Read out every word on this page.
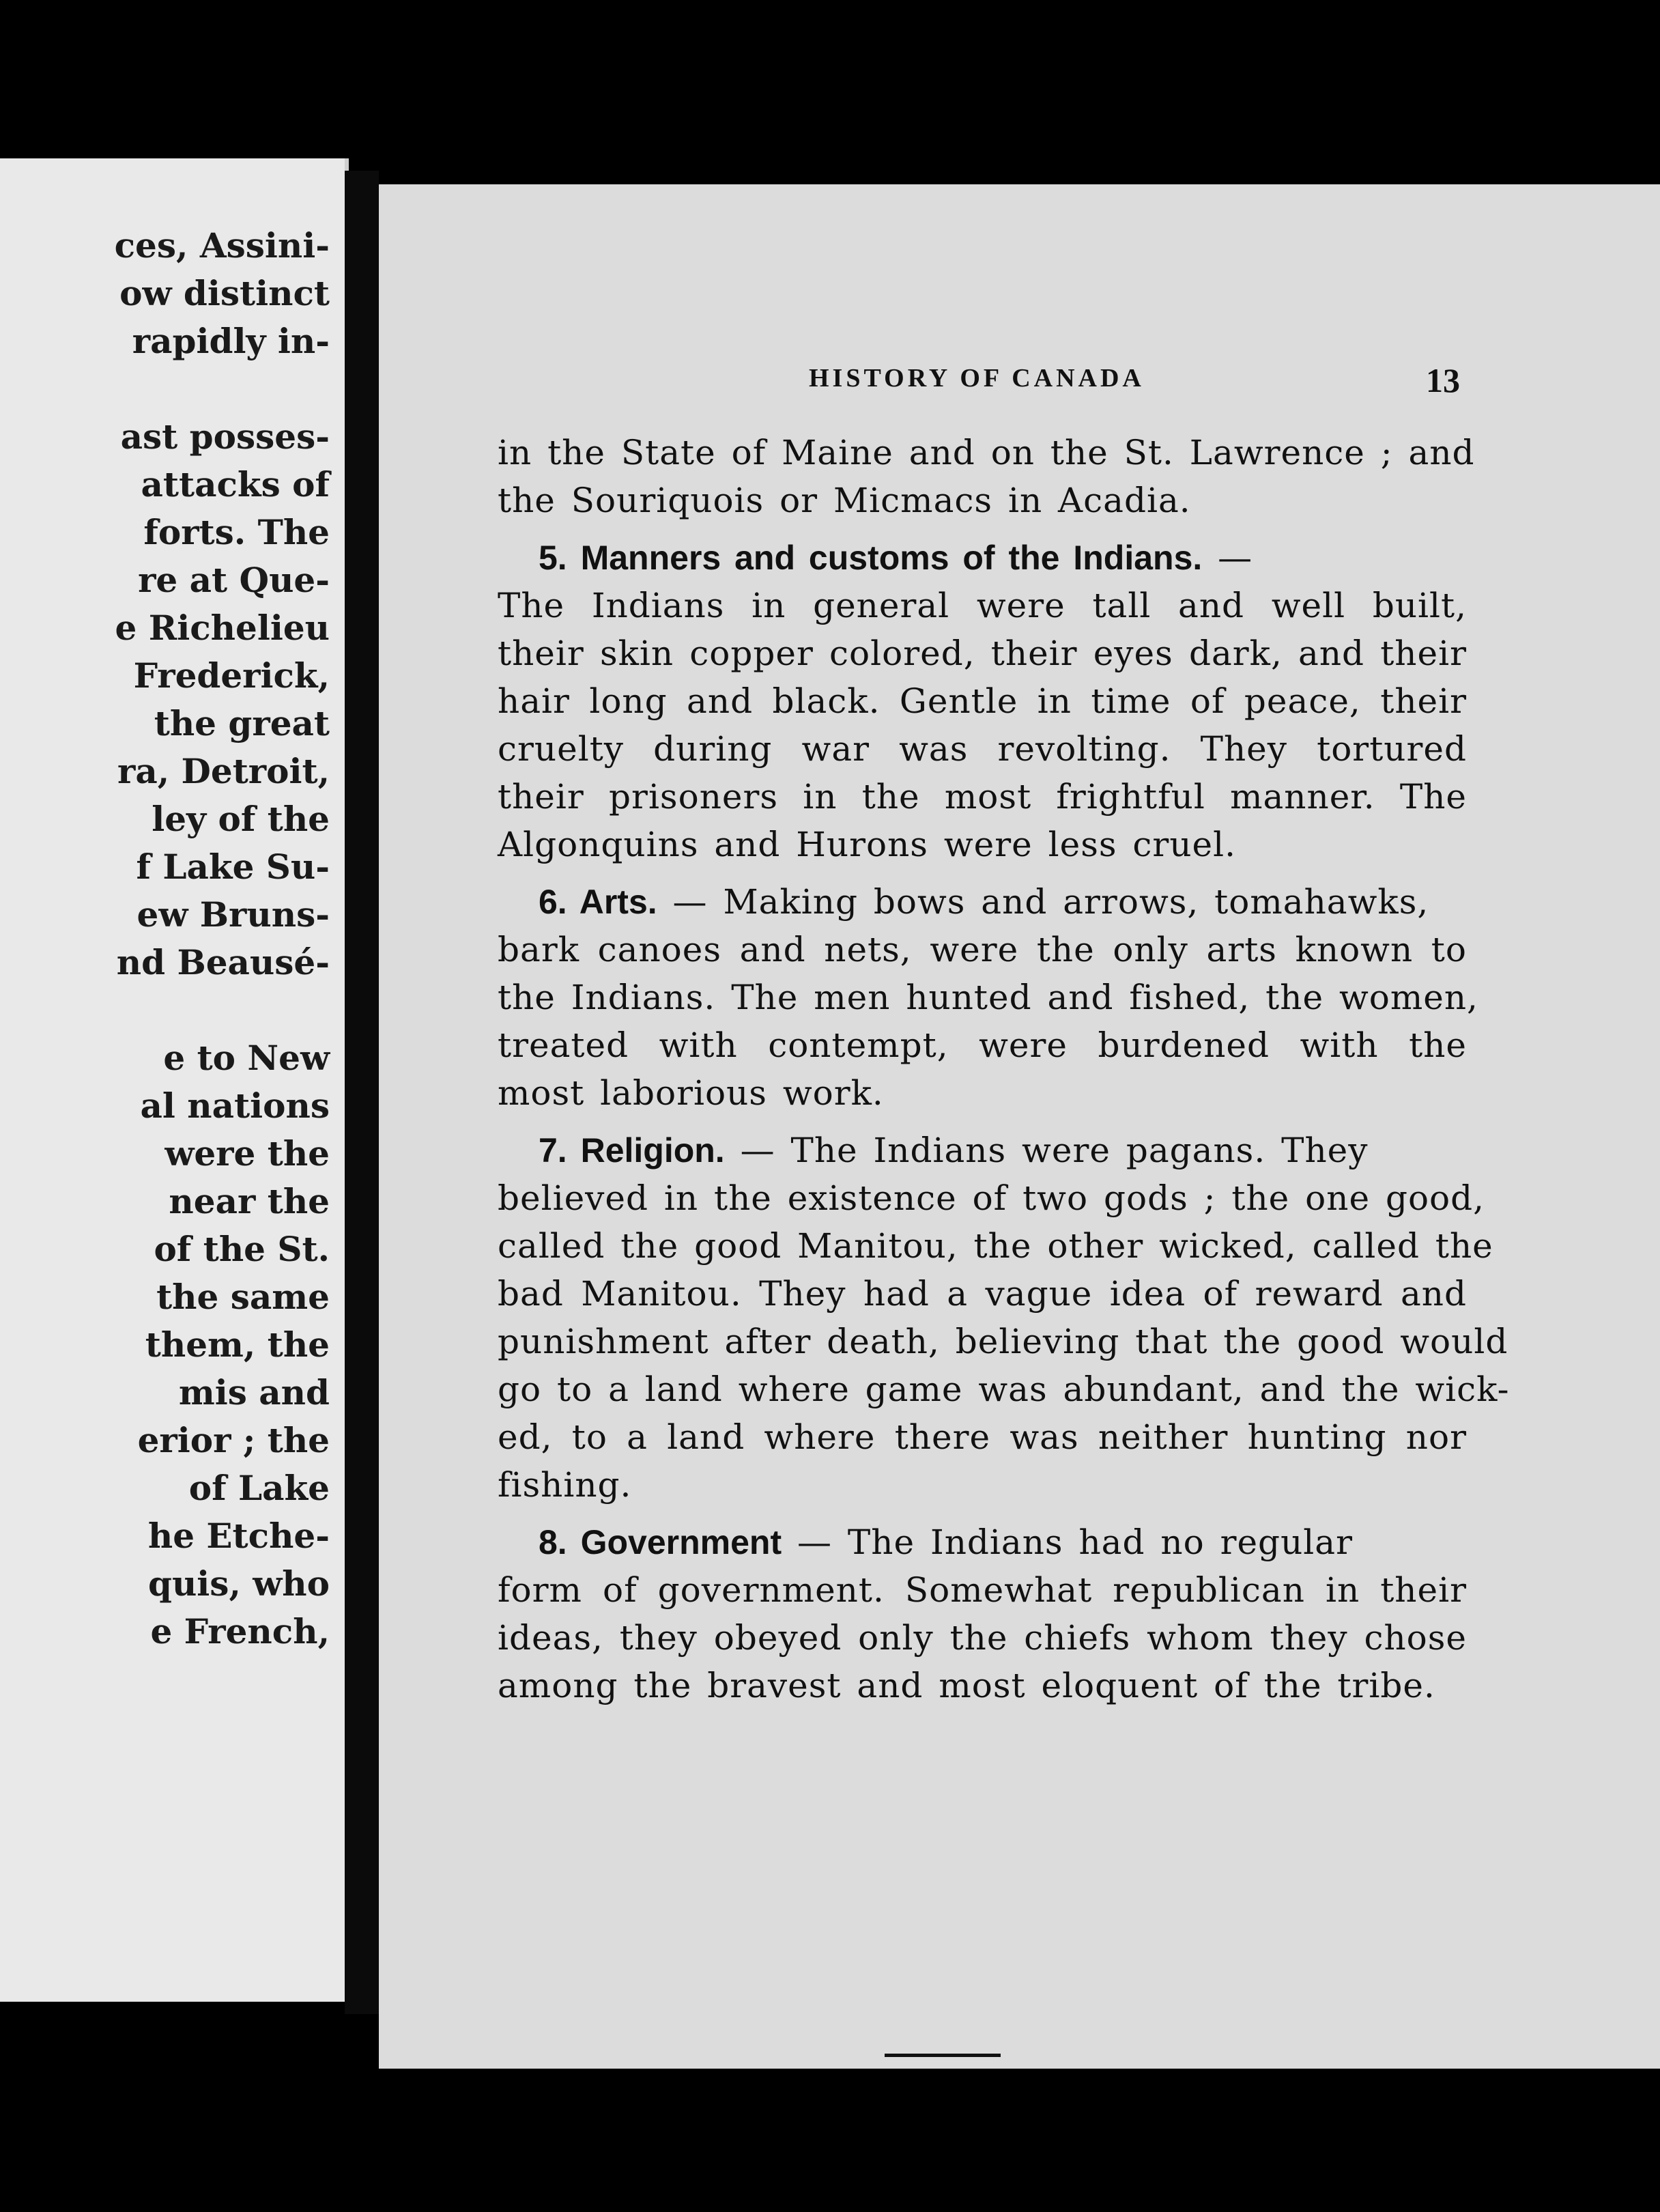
ces, Assini-
ow distinct
rapidly in-
ast posses-
attacks of
forts. The
re at Que-
e Richelieu
Frederick,
the great
ra, Detroit,
ley of the
f Lake Su-
ew Bruns-
nd Beausé-
e to New
al nations
were the
near the
of the St.
the same
them, the
mis and
erior ; the
of Lake
he Etche-
quis, who
e French,
HISTORY OF CANADA	13
in the State of Maine and on the St. Lawrence ; and
the Souriquois or Micmacs in Acadia.
5. Manners and customs of the Indians. —
The Indians in general were tall and well built,
their skin copper colored, their eyes dark, and their
hair long and black. Gentle in time of peace, their
cruelty during war was revolting. They tortured
their prisoners in the most frightful manner. The
Algonquins and Hurons were less cruel.
6. Arts. — Making bows and arrows, tomahawks,
bark canoes and nets, were the only arts known to
the Indians. The men hunted and fished, the women,
treated with contempt, were burdened with the
most laborious work.
7. Religion. — The Indians were pagans. They
believed in the existence of two gods ; the one good,
called the good Manitou, the other wicked, called the
bad Manitou. They had a vague idea of reward and
punishment after death, believing that the good would
go to a land where game was abundant, and the wick-
ed, to a land where there was neither hunting nor
fishing.
8. Government — The Indians had no regular
form of government. Somewhat republican in their
ideas, they obeyed only the chiefs whom they chose
among the bravest and most eloquent of the tribe.
